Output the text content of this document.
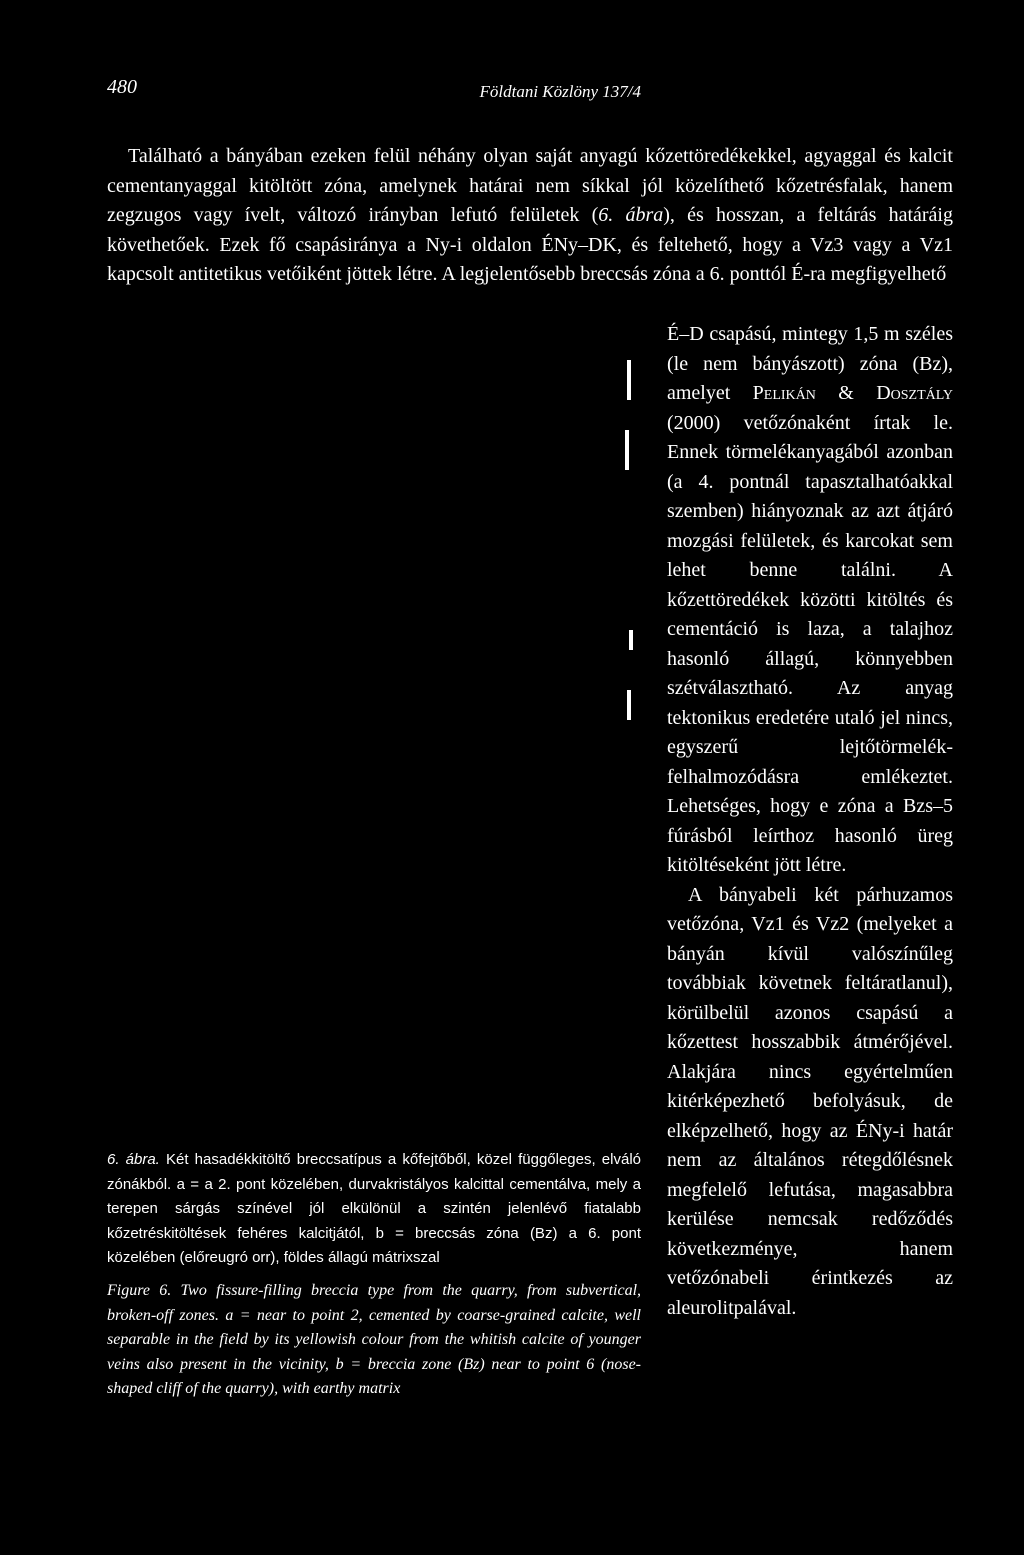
480	Földtani Közlöny 137/4

Található a bányában ezeken felül néhány olyan saját anyagú kőzettöredékekkel, agyaggal és kalcit cementanyaggal kitöltött zóna, amelynek határai nem síkkal jól közelíthető kőzetrésfalak, hanem zegzugos vagy ívelt, változó irányban lefutó felületek (6. ábra), és hosszan, a feltárás határáig követhetőek. Ezek fő csapásiránya a Ny-i oldalon ÉNy–DK, és feltehető, hogy a Vz3 vagy a Vz1 kapcsolt antitetikus vetőiként jöttek létre. A legjelentősebb breccsás zóna a 6. ponttól É-ra megfigyelhető

É–D csapású, mintegy 1,5 m széles (le nem bányászott) zóna (Bz), amelyet Pelikán & Dosztály (2000) vetőzónaként írtak le. Ennek törmelékanyagából azonban (a 4. pontnál tapasztalhatóakkal szemben) hiányoznak az azt átjáró mozgási felületek, és karcokat sem lehet benne találni. A kőzettöredékek közötti kitöltés és cementáció is laza, a talajhoz hasonló állagú, könnyebben szétválasztható. Az anyag tektonikus eredetére utaló jel nincs, egyszerű lejtőtörmelék-felhalmozódásra emlékeztet. Lehetséges, hogy e zóna a Bzs–5 fúrásból leírthoz hasonló üreg kitöltéseként jött létre.

A bányabeli két párhuzamos vetőzóna, Vz1 és Vz2 (melyeket a bányán kívül valószínűleg továbbiak követnek feltáratlanul), körülbelül azonos csapású a kőzettest hosszabbik átmérőjével. Alakjára nincs egyértelműen kitérképezhető befolyásuk, de elképzelhető, hogy az ÉNy-i határ nem az általános rétegdőlésnek megfelelő lefutása, magasabbra kerülése nemcsak redőződés következménye, hanem vetőzónabeli érintkezés az aleurolitpalával.

6. ábra. Két hasadékkitöltő breccsatípus a kőfejtőből, közel függőleges, elváló zónákból. a = a 2. pont közelében, durvakristályos kalcittal cementálva, mely a terepen sárgás színével jól elkülönül a szintén jelenlévő fiatalabb kőzetréskitöltések fehéres kalcitjától, b = breccsás zóna (Bz) a 6. pont közelében (előreugró orr), földes állagú mátrixszal

Figure 6. Two fissure-filling breccia type from the quarry, from subvertical, broken-off zones. a = near to point 2, cemented by coarse-grained calcite, well separable in the field by its yellowish colour from the whitish calcite of younger veins also present in the vicinity, b = breccia zone (Bz) near to point 6 (nose-shaped cliff of the quarry), with earthy matrix
